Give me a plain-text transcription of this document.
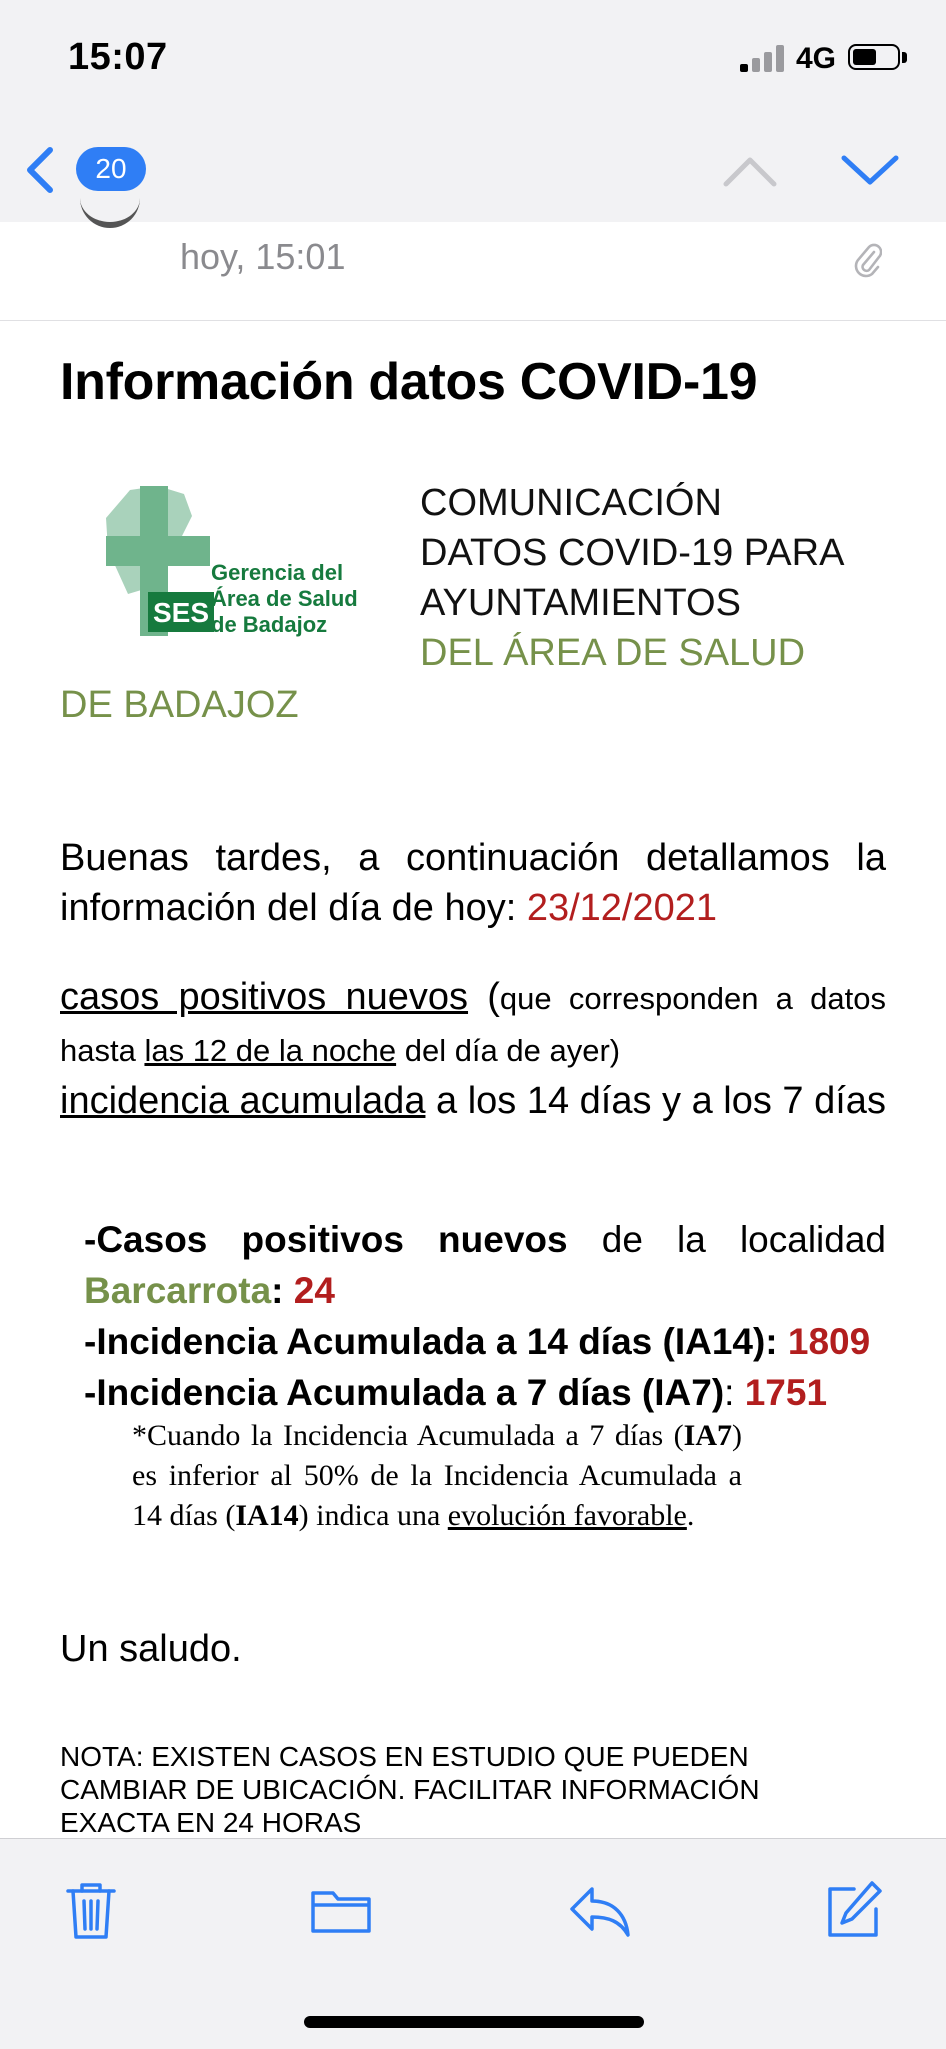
15:07	4G
20
hoy, 15:01
Información datos COVID-19
SES
Gerencia del
Área de Salud
de Badajoz
COMUNICACIÓN
DATOS COVID-19 PARA
AYUNTAMIENTOS
DEL ÁREA DE SALUD
DE BADAJOZ
Buenas tardes, a continuación detallamos la información del día de hoy: 23/12/2021
casos positivos nuevos (que corresponden a datos hasta las 12 de la noche del día de ayer)
incidencia acumulada a los 14 días y a los 7 días
-Casos positivos nuevos de la localidad Barcarrota: 24
-Incidencia Acumulada a 14 días (IA14): 1809
-Incidencia Acumulada a 7 días (IA7): 1751
*Cuando la Incidencia Acumulada a 7 días (IA7) es inferior al 50% de la Incidencia Acumulada a 14 días (IA14) indica una evolución favorable.
Un saludo.
NOTA: EXISTEN CASOS EN ESTUDIO QUE PUEDEN CAMBIAR DE UBICACIÓN. FACILITAR INFORMACIÓN EXACTA EN 24 HORAS
